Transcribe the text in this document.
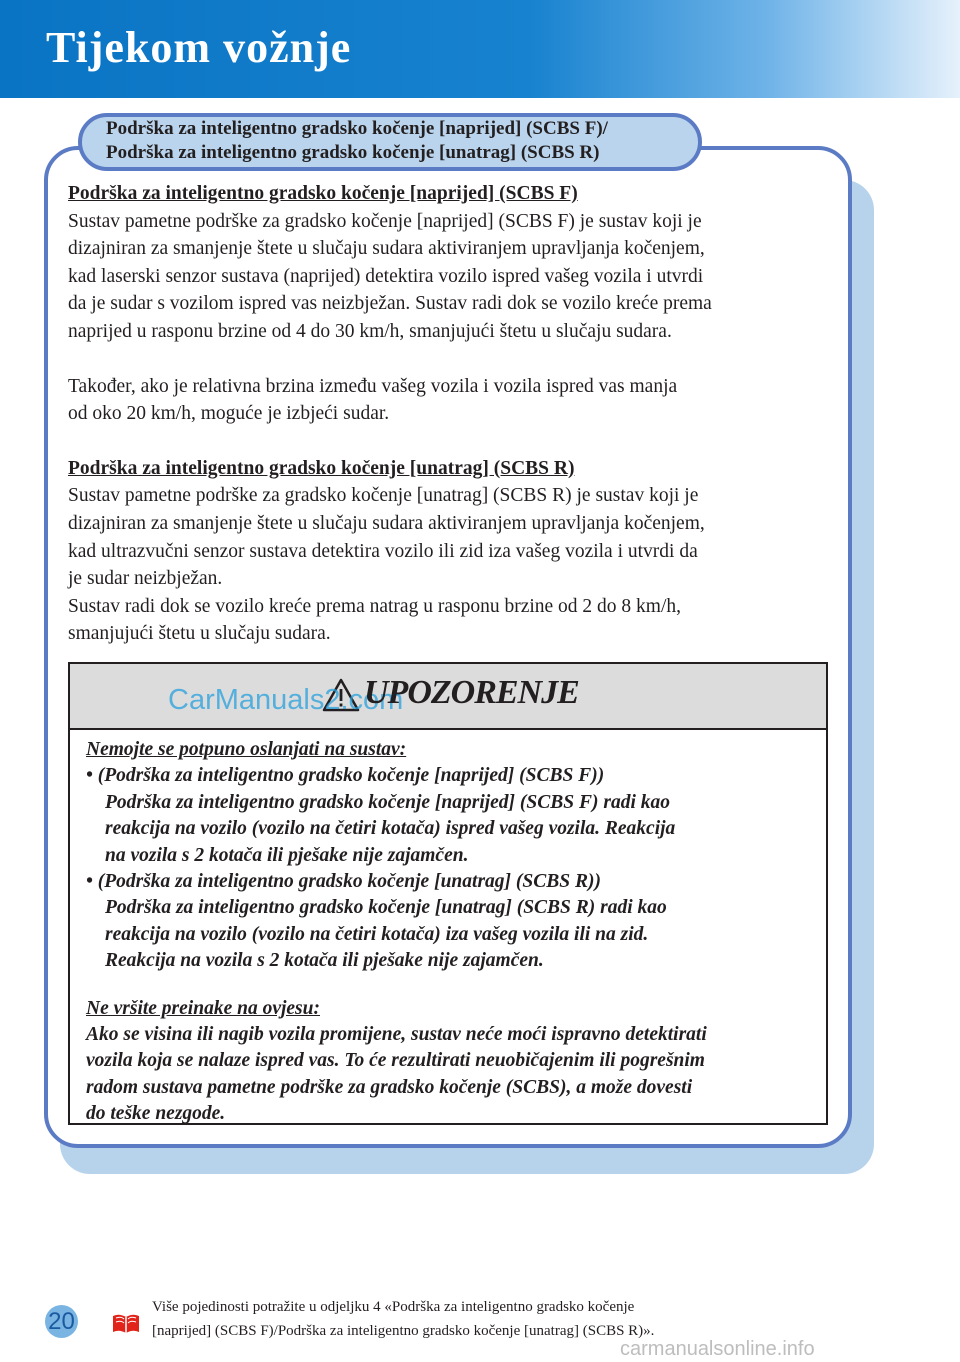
Tijekom vožnje
Podrška za inteligentno gradsko kočenje [naprijed] (SCBS F)/
Podrška za inteligentno gradsko kočenje [unatrag] (SCBS R)

Podrška za inteligentno gradsko kočenje [naprijed] (SCBS F)

Sustav pametne podrške za gradsko kočenje [naprijed] (SCBS F) je sustav koji je

dizajniran za smanjenje štete u slučaju sudara aktiviranjem upravljanja kočenjem,

kad laserski senzor sustava (naprijed) detektira vozilo ispred vašeg vozila i utvrdi

da je sudar s vozilom ispred vas neizbježan. Sustav radi dok se vozilo kreće prema

naprijed u rasponu brzine od 4 do 30 km/h, smanjujući štetu u slučaju sudara.

Također, ako je relativna brzina između vašeg vozila i vozila ispred vas manja

od oko 20 km/h, moguće je izbjeći sudar.

Podrška za inteligentno gradsko kočenje [unatrag] (SCBS R)

Sustav pametne podrške za gradsko kočenje [unatrag] (SCBS R) je sustav koji je

dizajniran za smanjenje štete u slučaju sudara aktiviranjem upravljanja kočenjem,

kad ultrazvučni senzor sustava detektira vozilo ili zid iza vašeg vozila i utvrdi da

je sudar neizbježan.

Sustav radi dok se vozilo kreće prema natrag u rasponu brzine od 2 do 8 km/h,

smanjujući štetu u slučaju sudara.

CarManuals2.com
UPOZORENJE

Nemojte se potpuno oslanjati na sustav:

• (Podrška za inteligentno gradsko kočenje [naprijed] (SCBS F))

Podrška za inteligentno gradsko kočenje [naprijed] (SCBS F) radi kao

reakcija na vozilo (vozilo na četiri kotača) ispred vašeg vozila. Reakcija

na vozila s 2 kotača ili pješake nije zajamčen.

• (Podrška za inteligentno gradsko kočenje [unatrag] (SCBS R))

Podrška za inteligentno gradsko kočenje [unatrag] (SCBS R) radi kao

reakcija na vozilo (vozilo na četiri kotača) iza vašeg vozila ili na zid.

Reakcija na vozila s 2 kotača ili pješake nije zajamčen.

Ne vršite preinake na ovjesu:

Ako se visina ili nagib vozila promijene, sustav neće moći ispravno detektirati

vozila koja se nalaze ispred vas. To će rezultirati neuobičajenim ili pogrešnim

radom sustava pametne podrške za gradsko kočenje (SCBS), a može dovesti

do teške nezgode.

20
Više pojedinosti potražite u odjeljku 4 «Podrška za inteligentno gradsko kočenje
[naprijed] (SCBS F)/Podrška za inteligentno gradsko kočenje [unatrag] (SCBS R)».
carmanualsonline.info
